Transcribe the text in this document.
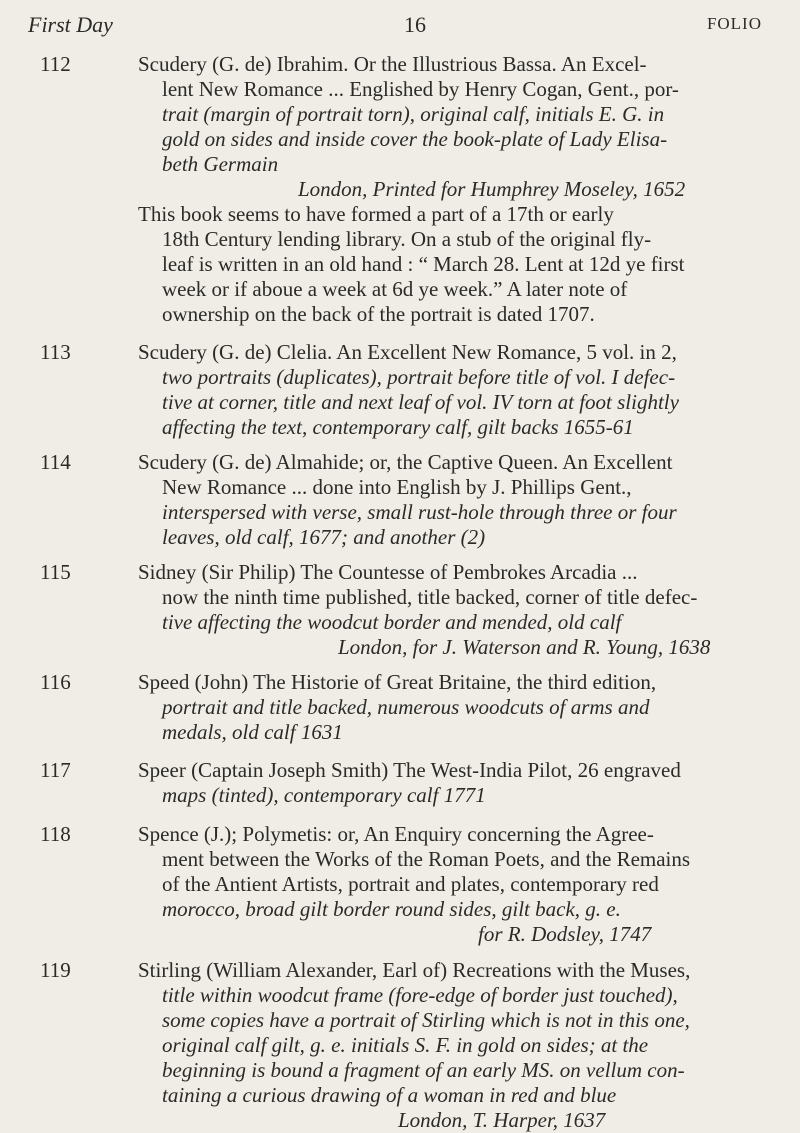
First Day	16	FOLIO
112	Scudery (G. de) Ibrahim. Or the Illustrious Bassa. An Excel-

lent New Romance ... Englished by Henry Cogan, Gent., por-

trait (margin of portrait torn), original calf, initials E. G. in

gold on sides and inside cover the book-plate of Lady Elisa-

beth Germain

London, Printed for Humphrey Moseley, 1652

This book seems to have formed a part of a 17th or early

18th Century lending library. On a stub of the original fly-

leaf is written in an old hand : “ March 28. Lent at 12d ye first

week or if aboue a week at 6d ye week.” A later note of

ownership on the back of the portrait is dated 1707.

113	Scudery (G. de) Clelia. An Excellent New Romance, 5 vol. in 2,

two portraits (duplicates), portrait before title of vol. I defec-

tive at corner, title and next leaf of vol. IV torn at foot slightly

affecting the text, contemporary calf, gilt backs 1655-61

114	Scudery (G. de) Almahide; or, the Captive Queen. An Excellent

New Romance ... done into English by J. Phillips Gent.,

interspersed with verse, small rust-hole through three or four

leaves, old calf, 1677; and another (2)

115	Sidney (Sir Philip) The Countesse of Pembrokes Arcadia ...

now the ninth time published, title backed, corner of title defec-

tive affecting the woodcut border and mended, old calf

London, for J. Waterson and R. Young, 1638

116	Speed (John) The Historie of Great Britaine, the third edition,

portrait and title backed, numerous woodcuts of arms and

medals, old calf 1631

117	Speer (Captain Joseph Smith) The West-India Pilot, 26 engraved

maps (tinted), contemporary calf 1771

118	Spence (J.); Polymetis: or, An Enquiry concerning the Agree-

ment between the Works of the Roman Poets, and the Remains

of the Antient Artists, portrait and plates, contemporary red

morocco, broad gilt border round sides, gilt back, g. e.

for R. Dodsley, 1747

119	Stirling (William Alexander, Earl of) Recreations with the Muses,

title within woodcut frame (fore-edge of border just touched),

some copies have a portrait of Stirling which is not in this one,

original calf gilt, g. e. initials S. F. in gold on sides; at the

beginning is bound a fragment of an early MS. on vellum con-

taining a curious drawing of a woman in red and blue

London, T. Harper, 1637
